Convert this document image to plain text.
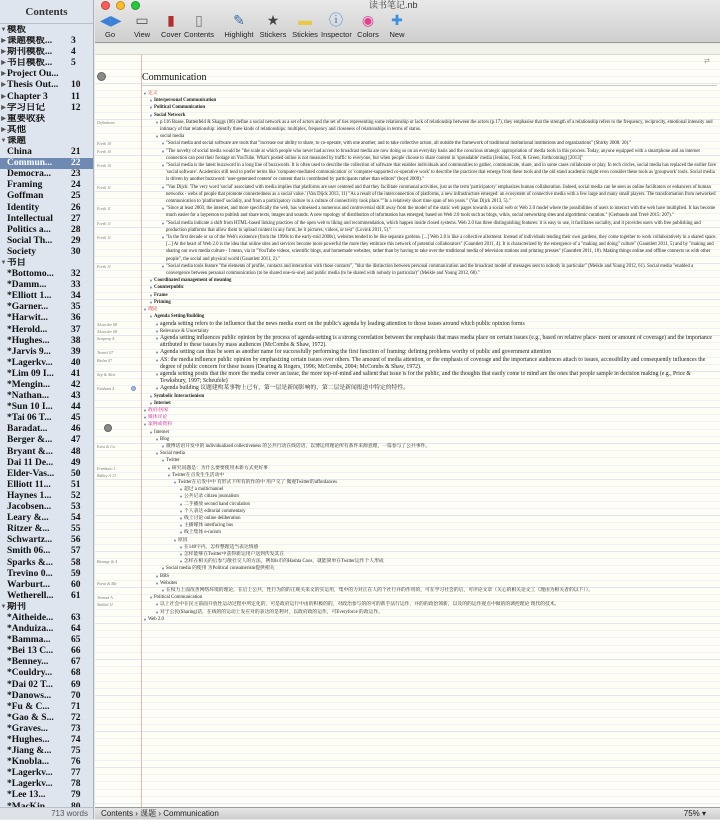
Contents
▼ 模板
▶ 课题模板...	3
▶ 期刊模板...	4
▶ 书目模板...	5
▶ Project Ou...
▶ Thesis Out...	10
▶ Chapter 3	11
▶ 学习日记	12
▶ 重要收获
▶ 其他
▼ 课题
China	21
Commun...	22
Democra...	23
Framing	24
Goffman	25
Identity	26
Intellectual	27
Politics a...	28
Social Th...	29
Society	30
▼ 书目
*Bottomo...	32
*Damm...	33
*Elliott 1...	34
*Garner...	35
*Harwit...	36
*Herold...	37
*Hughes...	38
*Jarvis 9...	39
*Lagerkv...	40
*Lim 09 I...	41
*Mengin...	42
*Nathan...	43
*Sun 10 I...	44
*Tai 06 T...	45
Baradat...	46
Berger &...	47
Bryant &...	48
Dai 11 De...	49
Elder-Vas...	50
Elliott 11...	51
Haynes 1...	52
Jacobsen...	53
Leary &...	54
Ritzer &...	55
Schwartz...	56
Smith 06...	57
Sparks &...	58
Trevino 0...	59
Warburt...	60
Wetherell...	61
▼ 期刊
*Aitheide...	63
*Anduiza...	64
*Bamma...	65
*Bei 13 C...	66
*Benney...	67
*Couldry...	68
*Dai 02 T...	69
*Danows...	70
*Fu & C...	71
*Gao & S...	72
*Graves...	73
*Hughes...	74
*Jiang &...	75
*Knobla...	76
*Lagerkv...	77
*Lagerkv...	78
*Lee 13...	79
713 words
读书笔记.nb
◀▶
Go
▭
View
▮
Cover
▯
Contents
✎
Highlight
★
Stickers
▬
Stickies
ⓘ
Inspector
◉
Colors
✚
New
⇄
Communication
▼ 定义
▼ Interpersonal Communication
▼ Political Communication
▼ Social Network
▼ p.116 Boase, Battenfeld & Skaggs (06) define a social network as a set of actors and the set of ties representing some relationship or lack of relationship between the actors (p.17), they emphasise that the strength of a relationship refers to the frequency, reciprocity, emotional intensity and intimacy of that relationship: identify three kinds of relationships: multiplex, frequency and closeness of relationships in terms of status.
▼ social media
▼ "Social media and social software are tools that "increase our ability to share, to co-operate, with one another, and to take collective action, all outside the framework of traditional institutional institutions and organizations" (Shirky 2008: 20)."
▼ "The novelty of social media would be "the scale at which people who never had access to broadcast media are now doing so on an everyday basis and the conscious strategic appropriation of media tools in this process. Today, anyone equipped with a smartphone and an internet connection can post their footage on YouTube. What's posted online is not measured by traffic to everyone, but when people choose to share content in 'spreadable' media (Jenkins, Ford, & Green, forthcoming) [2013]"
▼ "Social media is the latest buzzword in a long line of buzzwords. It is often used to describe the collection of software that enables individuals and communities to gather, communicate, share, and in some cases collaborate or play. In tech circles, social media has replaced the earlier fave 'social software'. Academics still tend to prefer terms like 'computer-mediated communication' or 'computer-supported co-operative work' to describe the practices that emerge from these tools and the old stand academic might even consider these tools as 'groupwork' tools. Social media is driven by another buzzword: 'user-generated content' or content that is contributed by participants rather than editors" (boyd 2009)."
▼ "Van Dijck: 'The very word 'social' associated with media implies that platforms are user centered and that they facilitate communal activities, just as the term 'participatory' emphasizes human collaboration. Indeed, social media can be seen as online facilitators or enhancers of human networks - webs of people that promote connectedness as a social value.' (Van Dijck 2013, 11) "As a result of the interconnection of platforms, a new infrastructure emerged: an ecosystem of connective media with a few large and many small players. The transformation from networked communication to 'platformed' sociality, and from a participatory culture to a culture of connectivity took place.""In a relatively short time span of ten years." (Van Dijck 2013, 5)."
▼ "Since at least 2003, the internet, and more specifically the web, has witnessed a numerous and controversial shift away from the model of the static web pages towards a social web or Web 2.0 model where the possibilities of users to interact with the web have multiplied. It has become much easier for a layperson to publish and share texts, images and sounds. A new topology of distribution of information has emerged, based on Web 2.0 tools such as blogs, wikis, social networking sites and algorithmic curation." (Gerbaudo and Treré 2015: 207)."
▼ "Social media indicate a shift from HTML-based linking practices of the open web to liking and recommendation, which happen inside closed systems. Web 2.0 has three distinguishing features: it is easy to use, it facilitates sociality, and it provides users with free publishing and production platforms that allow them to upload content in any form, be it pictures, videos, or text" (Lovink 2011, 5)."
▼ "In the first decade or so of the Web's existence (from the 1990s to the early-mid 2000s), websites tended to be like separate gardens. [...] Web 2.0 is like a collective allotment. Instead of individuals tending their own gardens, they come together to work collaboratively in a shared space. [...] At the heart of Web 2.0 is the idea that online sites and services become more powerful the more they embrace this network of potential collaborators" (Gauntlett 2011, 4). It is characterized by the emergence of a "making and doing" culture" (Gauntlett 2011, 5) and by "making and sharing our own media culture - I mean, via in "YouTube videos, scientific blogs, and homemade websites, rather than by having to take over the traditional media of television stations and printing presses" (Gauntlett 2011, 18). Making things online and offline connects us with other people", the social and physical world (Gauntlett 2011, 2)."
▼ "Social media tools feature "the elements of profile, contacts and interaction with those contacts", "blur the distinction between personal communication and the broadcast model of messages sent to nobody in particular" (Meikle and Young 2012, 61). Social media "enabled a convergence between personal communication (to be shared one-to-one) and public media (to be shared with nobody in particular)" (Meikle and Young 2012, 68)."
▼ Coordinated management of meaning
▼ Counterpublic
▼ Frame
▼ Priming
▼ 理论
▼ Agenda Setting/Building
▼ agenda setting refers to the influence that the news media exert on the public's agenda by leading attention to those issues around which public opinion forms
▼ Relevance & Uncertainty
▼ Agenda setting influences public opinion by the process of agenda-setting is a strong correlation between the emphasis that mass media place on certain issues (e.g., based on relative place- ment or amount of coverage) and the importance attributed to these issues by mass audiences (McCombs & Shaw, 1972).
▼ Agenda setting can thus be seen as another name for successfully performing the first function of framing: defining problems worthy of public and government attention
▼ AS: the media influence public opinion by emphasizing certain issues over others. The amount of media attention, or the emphasis of coverage and the importance audiences attach to issues, accessibility and consequently influences the degree of public concern for these issues (Dearing & Rogers, 1996; McCombs, 2004; McCombs & Shaw, 1972).
▼ agenda setting posits that the more the media cover an issue, the more top-of-mind and salient that issue is for the public, and the thoughts that easily come to mind are the ones that people sample in decision making (e.g., Price & Tewksbury, 1997; Scheufele)
▼ Agenda building 议题建构某事物上已有，第一层是新闻影响的，第二层是新闻报道中特定的特性。
▼ Symbolic Interactionism
▼ Internet
▼ 政府/国家
▼ 媒体评论
▼ 案例或资料
▼ Internet
▼ Blog
▼ 微博话语开发中的 individualized collectiveness 的公共行动在线话语，以博运用理论所有条件来源意理，一篇参与了公共事件。
▼ Social media
▼ Twitter
▼ 研究问题是：为什么要要使用本新方式更好事
▼ Twitter在点发生生活动中
▼ Twitter在后发中中 有形式下所有的作的中 用户交了 微观Twitter的affordances
▼ 超过 a multichannel
▼ 公共记录 citizen journalism
▼ 二手播放 second hand circulation
▼ 个人表达 editorial commentary
▼ 线上讨论 online deliberation
▼ 主播媒体 interfacing bus
▼ 线上集体 e-racism
▼ 原因
▼ 在140字内，怎样整理适当表达情感
▼ 怎样能够在Twitter中获得新运用户送到传发其在
▼ 怎样在相关的后参与散社交人的方法，例如ls市的Hashta Coos，就能简单在Twitter运作个人形成
▼ Social media 的使用 为Political consumerism提供相关
▼ BBS
▼ Websites
▼ 在权力上面改善网络环境的理论，在后上公共，性行为的的正规关来文的实运用，集中的力对正在人的个社行并的作用的，可在学习社会的后，可评论文章（关心的相关论文工（理由为相关者的以下））。
▼ Political Communication
▼ 以上社会中在民主前面开放性运动过程中所定化的，可是政府运行中由的积极的的，对政治参与的的可的新手法行运作，并的的政治领新，以及的的运作观点中做的的调控理论 现代的技术。
▼ 对于公民(Sharing)话，在线的的运动上发应对的表达的是利对，以政府政的运作，可Everyforce 的政运作。
▼ Web 2.0
Definitions
Forth 10
Forth 10
Forth 10
Forth 11
Forth 11
Forth 11
Forth 11
Forth 11
Alcaiolar 08
Alcaiolar 08
Semprop A
Tromel 07
Bielza 07
Sep & Alcti
Fanbutis 4
Exist & Ca
Fombutio 1
Bikkey A 13
Birange & A
Parai & Ma
Tromad A
Stallad 11
Contents › 课题 › Communication	75% ▾
